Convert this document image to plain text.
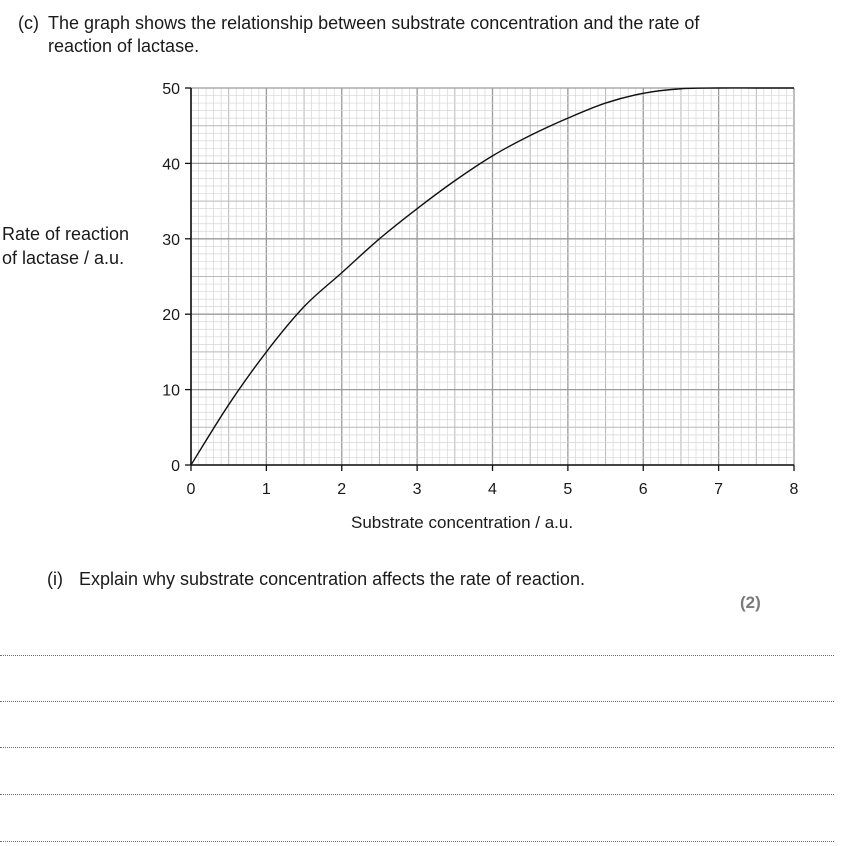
(c) The graph shows the relationship between substrate concentration and the rate of reaction of lactase.
Rate of reaction
of lactase / a.u.
0	1	2	3	4	5	6	7	8
0
10
20
30
40
50
Substrate concentration / a.u.
(i) Explain why substrate concentration affects the rate of reaction.
(2)
